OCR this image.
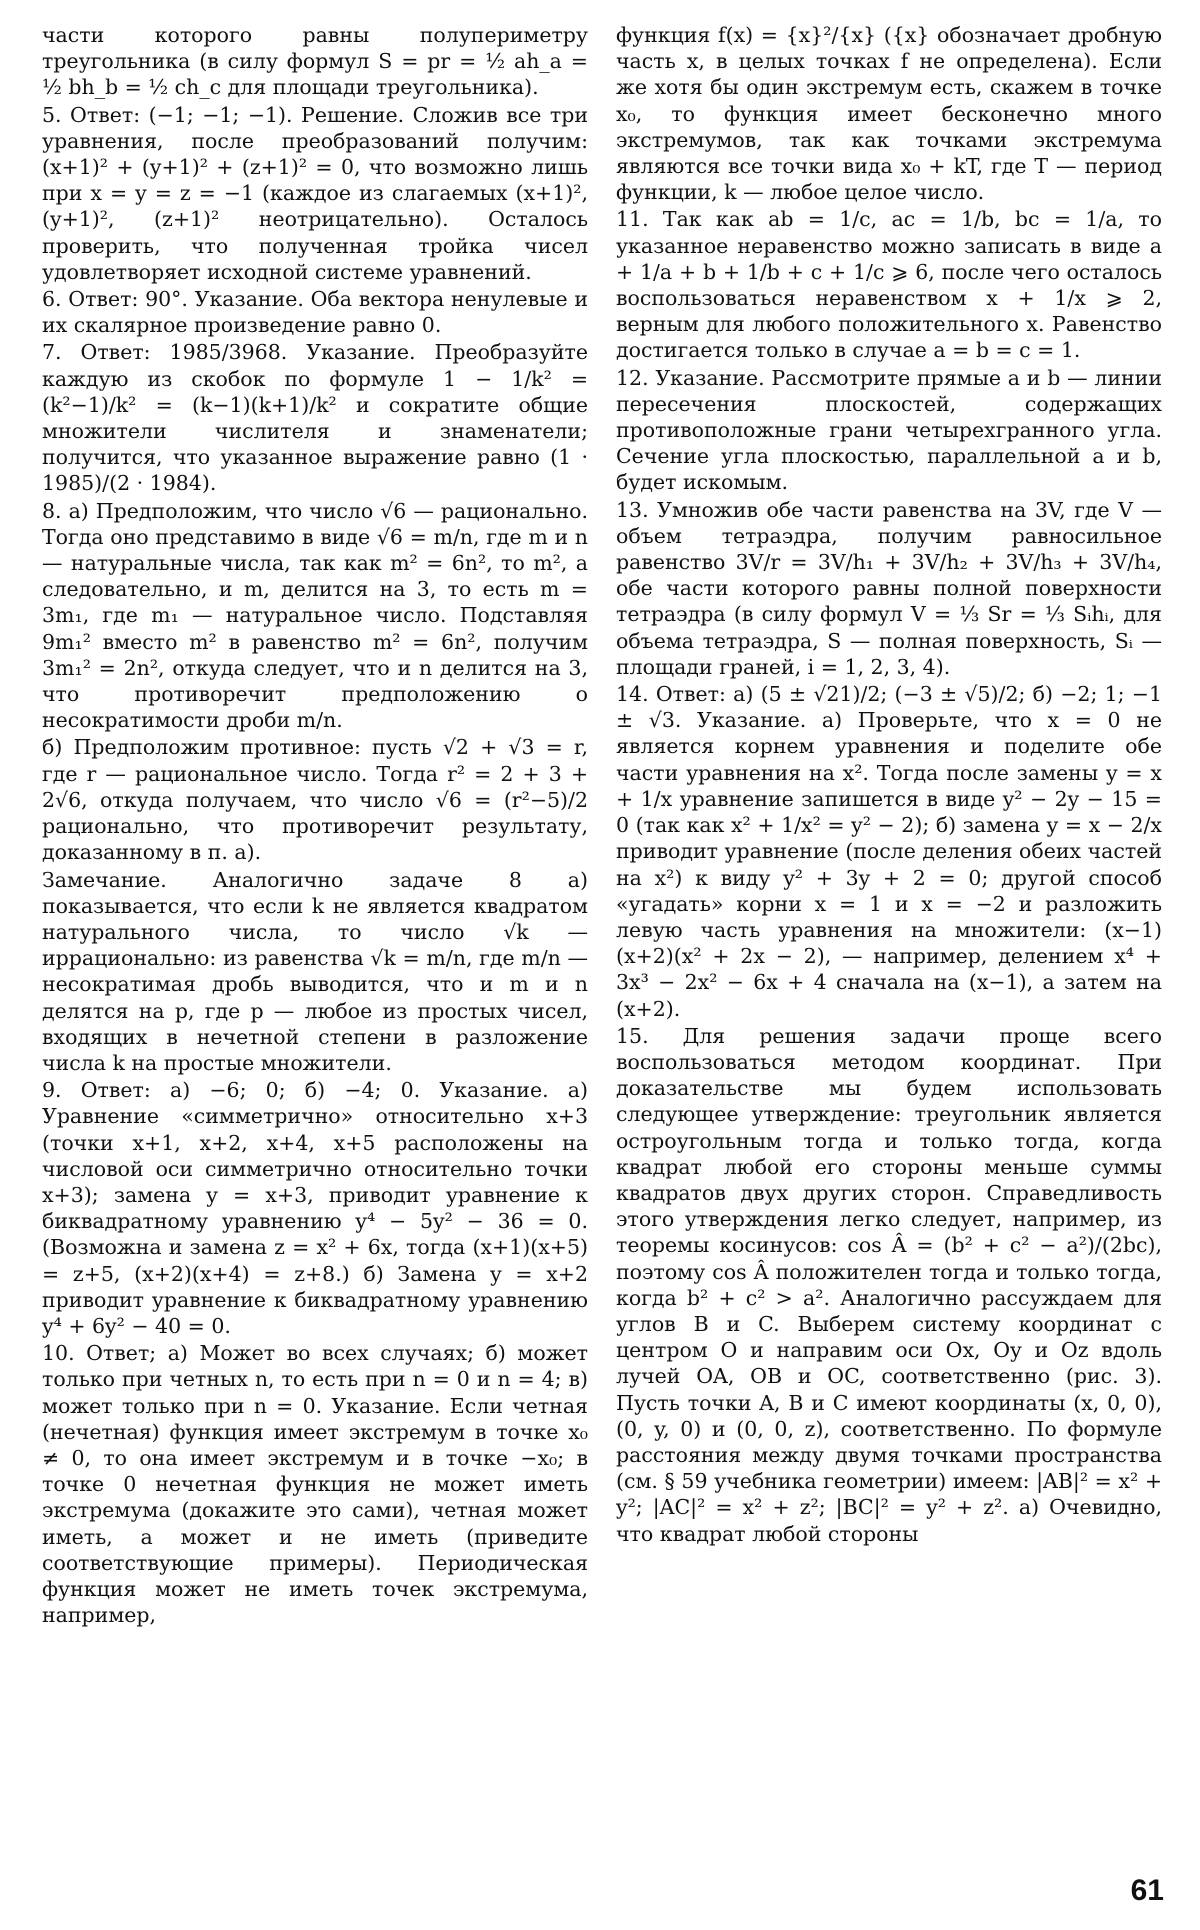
части которого равны полупериметру треугольника (в силу формул S = pr = ½ ah_a = ½ bh_b = ½ ch_c для площади треугольника).

5. Ответ: (−1; −1; −1). Решение. Сложив все три уравнения, после преобразований получим: (x+1)² + (y+1)² + (z+1)² = 0, что возможно лишь при x = y = z = −1 (каждое из слагаемых (x+1)², (y+1)², (z+1)² неотрицательно). Осталось проверить, что полученная тройка чисел удовлетворяет исходной системе уравнений.

6. Ответ: 90°. Указание. Оба вектора ненулевые и их скалярное произведение равно 0.

7. Ответ: 1985/3968. Указание. Преобразуйте каждую из скобок по формуле 1 − 1/k² = (k²−1)/k² = (k−1)(k+1)/k² и сократите общие множители числителя и знаменатели; получится, что указанное выражение равно (1 · 1985)/(2 · 1984).

8. а) Предположим, что число √6 — рационально. Тогда оно представимо в виде √6 = m/n, где m и n — натуральные числа, так как m² = 6n², то m², а следовательно, и m, делится на 3, то есть m = 3m₁, где m₁ — натуральное число. Подставляя 9m₁² вместо m² в равенство m² = 6n², получим 3m₁² = 2n², откуда следует, что и n делится на 3, что противоречит предположению о несократимости дроби m/n.

б) Предположим противное: пусть √2 + √3 = r, где r — рациональное число. Тогда r² = 2 + 3 + 2√6, откуда получаем, что число √6 = (r²−5)/2 рационально, что противоречит результату, доказанному в п. а).

Замечание. Аналогично задаче 8 а) показывается, что если k не является квадратом натурального числа, то число √k — иррационально: из равенства √k = m/n, где m/n — несократимая дробь выводится, что и m и n делятся на p, где p — любое из простых чисел, входящих в нечетной степени в разложение числа k на простые множители.

9. Ответ: а) −6; 0; б) −4; 0. Указание. а) Уравнение «симметрично» относительно x+3 (точки x+1, x+2, x+4, x+5 расположены на числовой оси симметрично относительно точки x+3); замена y = x+3, приводит уравнение к биквадратному уравнению y⁴ − 5y² − 36 = 0. (Возможна и замена z = x² + 6x, тогда (x+1)(x+5) = z+5, (x+2)(x+4) = z+8.) б) Замена y = x+2 приводит уравнение к биквадратному уравнению y⁴ + 6y² − 40 = 0.

10. Ответ; а) Может во всех случаях; б) может только при четных n, то есть при n = 0 и n = 4; в) может только при n = 0. Указание. Если четная (нечетная) функция имеет экстремум в точке x₀ ≠ 0, то она имеет экстремум и в точке −x₀; в точке 0 нечетная функция не может иметь экстремума (докажите это сами), четная может иметь, а может и не иметь (приведите соответствующие примеры). Периодическая функция может не иметь точек экстремума, например,

функция f(x) = {x}²/{x} ({x} обозначает дробную часть x, в целых точках f не определена). Если же хотя бы один экстремум есть, скажем в точке x₀, то функция имеет бесконечно много экстремумов, так как точками экстремума являются все точки вида x₀ + kT, где T — период функции, k — любое целое число.

11. Так как ab = 1/c, ac = 1/b, bc = 1/a, то указанное неравенство можно записать в виде a + 1/a + b + 1/b + c + 1/c ⩾ 6, после чего осталось воспользоваться неравенством x + 1/x ⩾ 2, верным для любого положительного x. Равенство достигается только в случае a = b = c = 1.

12. Указание. Рассмотрите прямые a и b — линии пересечения плоскостей, содержащих противоположные грани четырехгранного угла. Сечение угла плоскостью, параллельной a и b, будет искомым.

13. Умножив обе части равенства на 3V, где V — объем тетраэдра, получим равносильное равенство 3V/r = 3V/h₁ + 3V/h₂ + 3V/h₃ + 3V/h₄, обе части которого равны полной поверхности тетраэдра (в силу формул V = ⅓ Sr = ⅓ Sᵢhᵢ, для объема тетраэдра, S — полная поверхность, Sᵢ — площади граней, i = 1, 2, 3, 4).

14. Ответ: а) (5 ± √21)/2; (−3 ± √5)/2; б) −2; 1; −1 ± √3. Указание. а) Проверьте, что x = 0 не является корнем уравнения и поделите обе части уравнения на x². Тогда после замены y = x + 1/x уравнение запишется в виде y² − 2y − 15 = 0 (так как x² + 1/x² = y² − 2); б) замена y = x − 2/x приводит уравнение (после деления обеих частей на x²) к виду y² + 3y + 2 = 0; другой способ «угадать» корни x = 1 и x = −2 и разложить левую часть уравнения на множители: (x−1)(x+2)(x² + 2x − 2), — например, делением x⁴ + 3x³ − 2x² − 6x + 4 сначала на (x−1), а затем на (x+2).

15. Для решения задачи проще всего воспользоваться методом координат. При доказательстве мы будем использовать следующее утверждение: треугольник является остроугольным тогда и только тогда, когда квадрат любой его стороны меньше суммы квадратов двух других сторон. Справедливость этого утверждения легко следует, например, из теоремы косинусов: cos Â = (b² + c² − a²)/(2bc), поэтому cos Â положителен тогда и только тогда, когда b² + c² > a². Аналогично рассуждаем для углов B и C. Выберем систему координат с центром O и направим оси Ox, Oy и Oz вдоль лучей OA, OB и OC, соответственно (рис. 3). Пусть точки A, B и C имеют координаты (x, 0, 0), (0, y, 0) и (0, 0, z), соответственно. По формуле расстояния между двумя точками пространства (см. § 59 учебника геометрии) имеем: |AB|² = x² + y²; |AC|² = x² + z²; |BC|² = y² + z². а) Очевидно, что квадрат любой стороны

61
